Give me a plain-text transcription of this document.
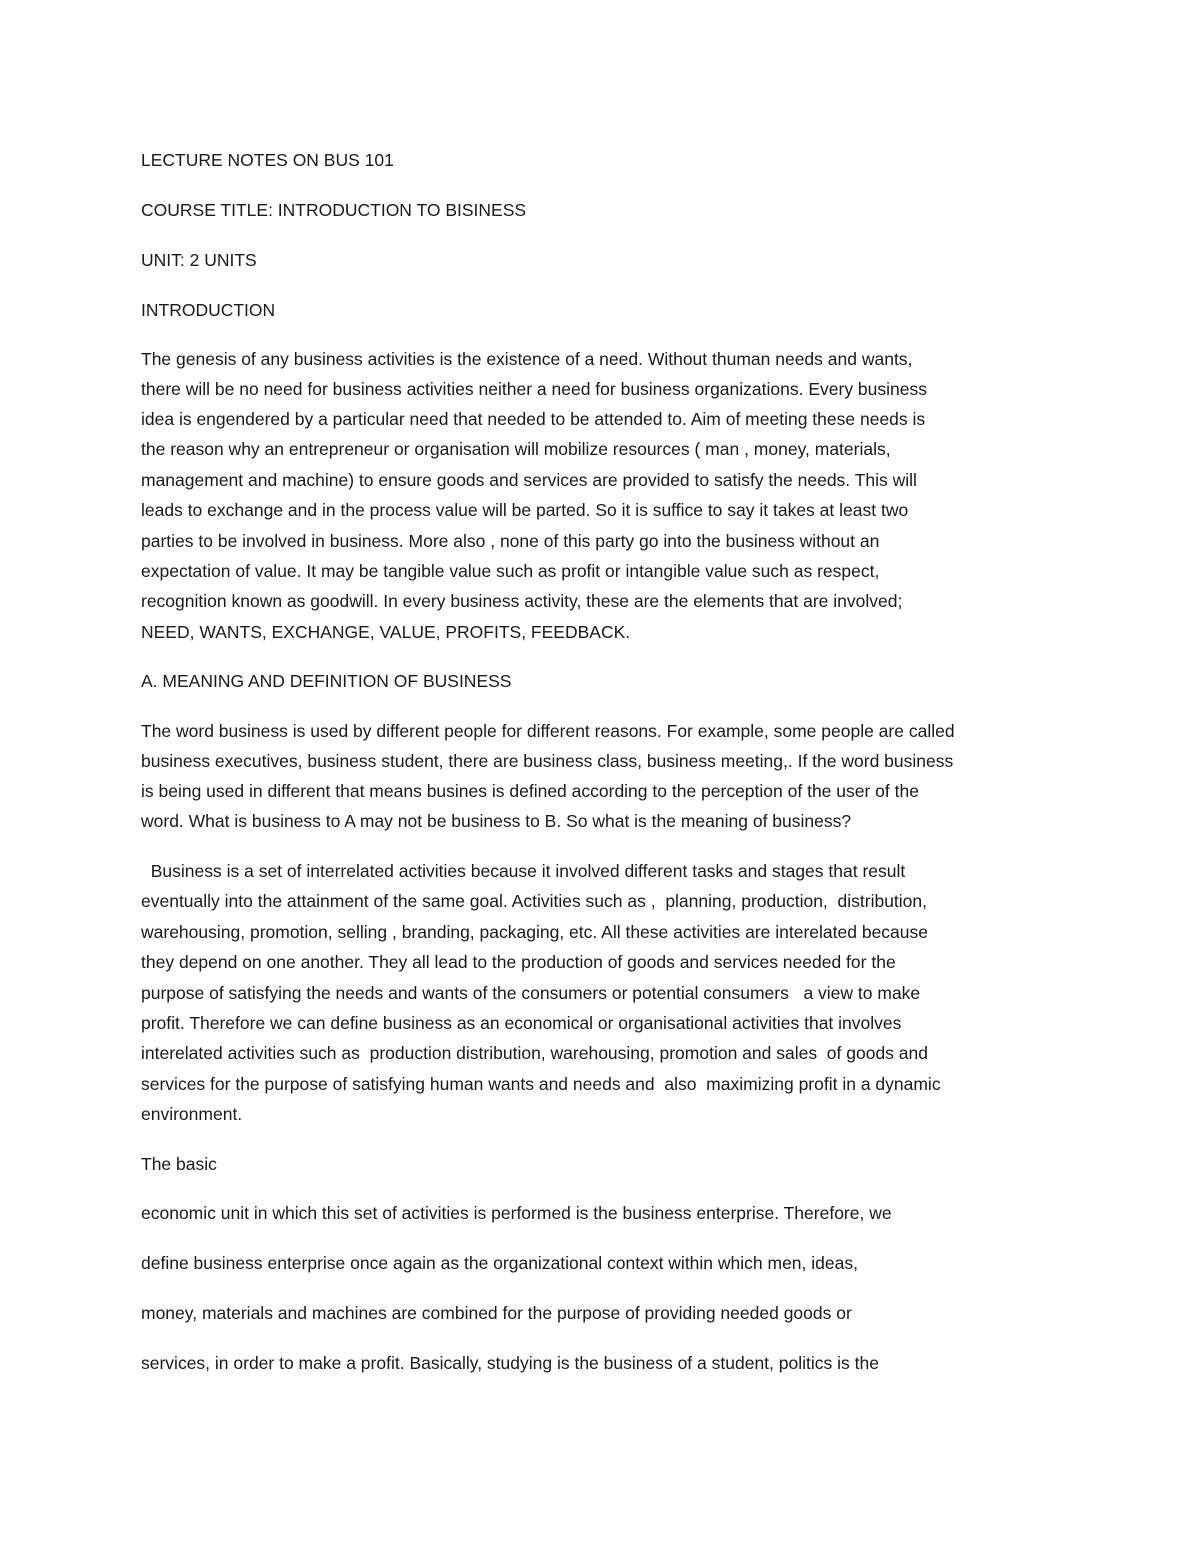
LECTURE NOTES ON BUS 101
COURSE TITLE: INTRODUCTION TO BISINESS
UNIT: 2 UNITS
INTRODUCTION
The genesis of any business activities is the existence of a need. Without thuman needs and wants,
there will be no need for business activities neither a need for business organizations. Every business
idea is engendered by a particular need that needed to be attended to. Aim of meeting these needs is
the reason why an entrepreneur or organisation will mobilize resources ( man , money, materials,
management and machine) to ensure goods and services are provided to satisfy the needs. This will
leads to exchange and in the process value will be parted. So it is suffice to say it takes at least two
parties to be involved in business. More also , none of this party go into the business without an
expectation of value. It may be tangible value such as profit or intangible value such as respect,
recognition known as goodwill. In every business activity, these are the elements that are involved;
NEED, WANTS, EXCHANGE, VALUE, PROFITS, FEEDBACK.
A. MEANING AND DEFINITION OF BUSINESS
The word business is used by different people for different reasons. For example, some people are called
business executives, business student, there are business class, business meeting,. If the word business
is being used in different that means busines is defined according to the perception of the user of the
word. What is business to A may not be business to B. So what is the meaning of business?
Business is a set of interrelated activities because it involved different tasks and stages that result
eventually into the attainment of the same goal. Activities such as ,  planning, production,  distribution,
warehousing, promotion, selling , branding, packaging, etc. All these activities are interelated because
they depend on one another. They all lead to the production of goods and services needed for the
purpose of satisfying the needs and wants of the consumers or potential consumers   a view to make
profit. Therefore we can define business as an economical or organisational activities that involves
interelated activities such as  production distribution, warehousing, promotion and sales  of goods and
services for the purpose of satisfying human wants and needs and  also  maximizing profit in a dynamic
environment.
The basic
economic unit in which this set of activities is performed is the business enterprise. Therefore, we
define business enterprise once again as the organizational context within which men, ideas,
money, materials and machines are combined for the purpose of providing needed goods or
services, in order to make a profit. Basically, studying is the business of a student, politics is the
